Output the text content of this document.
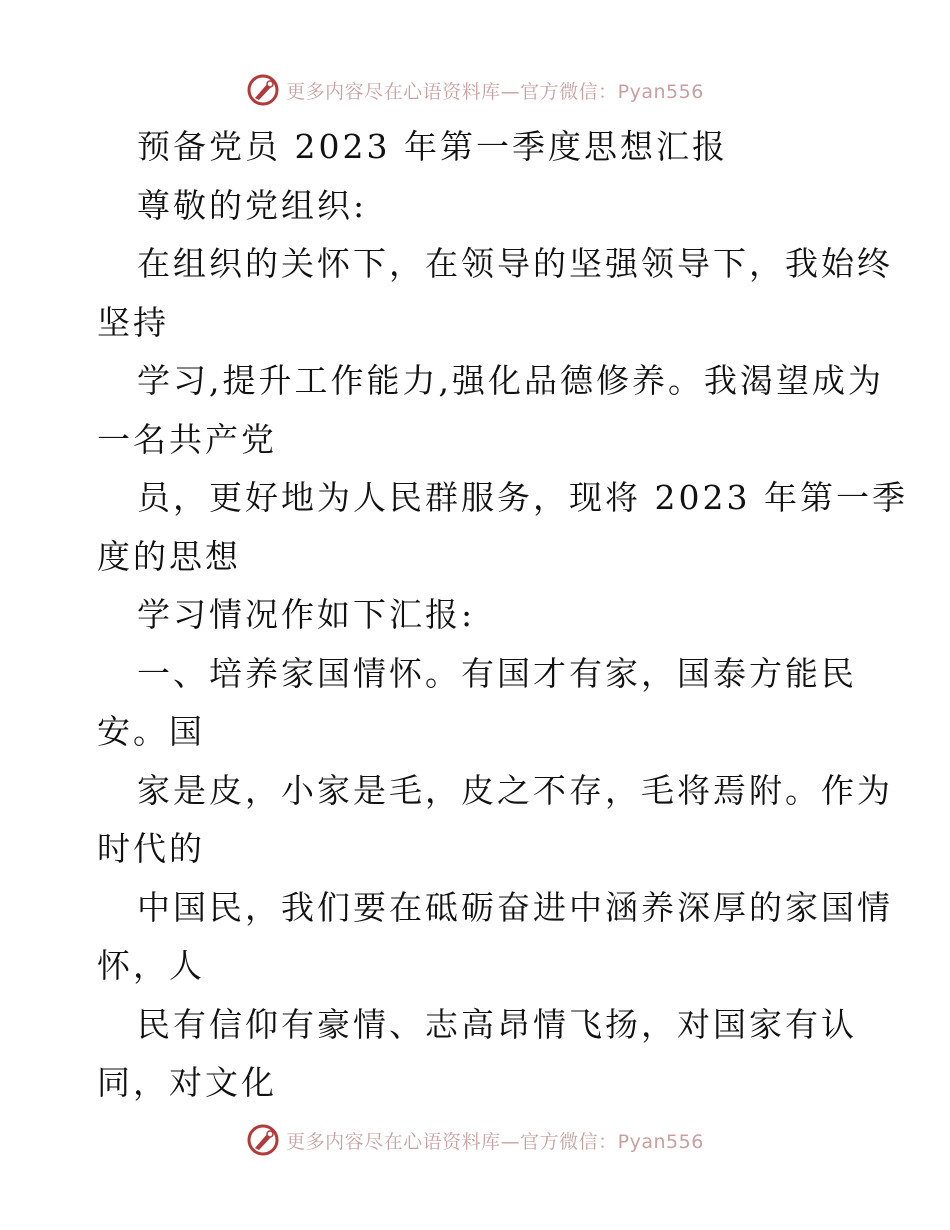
更多内容尽在心语资料库—官方微信：Pyan556
预备党员 2023 年第一季度思想汇报
尊敬的党组织:
在组织的关怀下，在领导的坚强领导下，我始终
坚持
学习,提升工作能力,强化品德修养。我渴望成为
一名共产党
员，更好地为人民群服务，现将 2023 年第一季
度的思想
学习情况作如下汇报:
一、培养家国情怀。有国才有家，国泰方能民
安。国
家是皮，小家是毛，皮之不存，毛将焉附。作为
时代的
中国民，我们要在砥砺奋进中涵养深厚的家国情
怀，人
民有信仰有豪情、志高昂情飞扬，对国家有认
同，对文化
更多内容尽在心语资料库—官方微信：Pyan556
